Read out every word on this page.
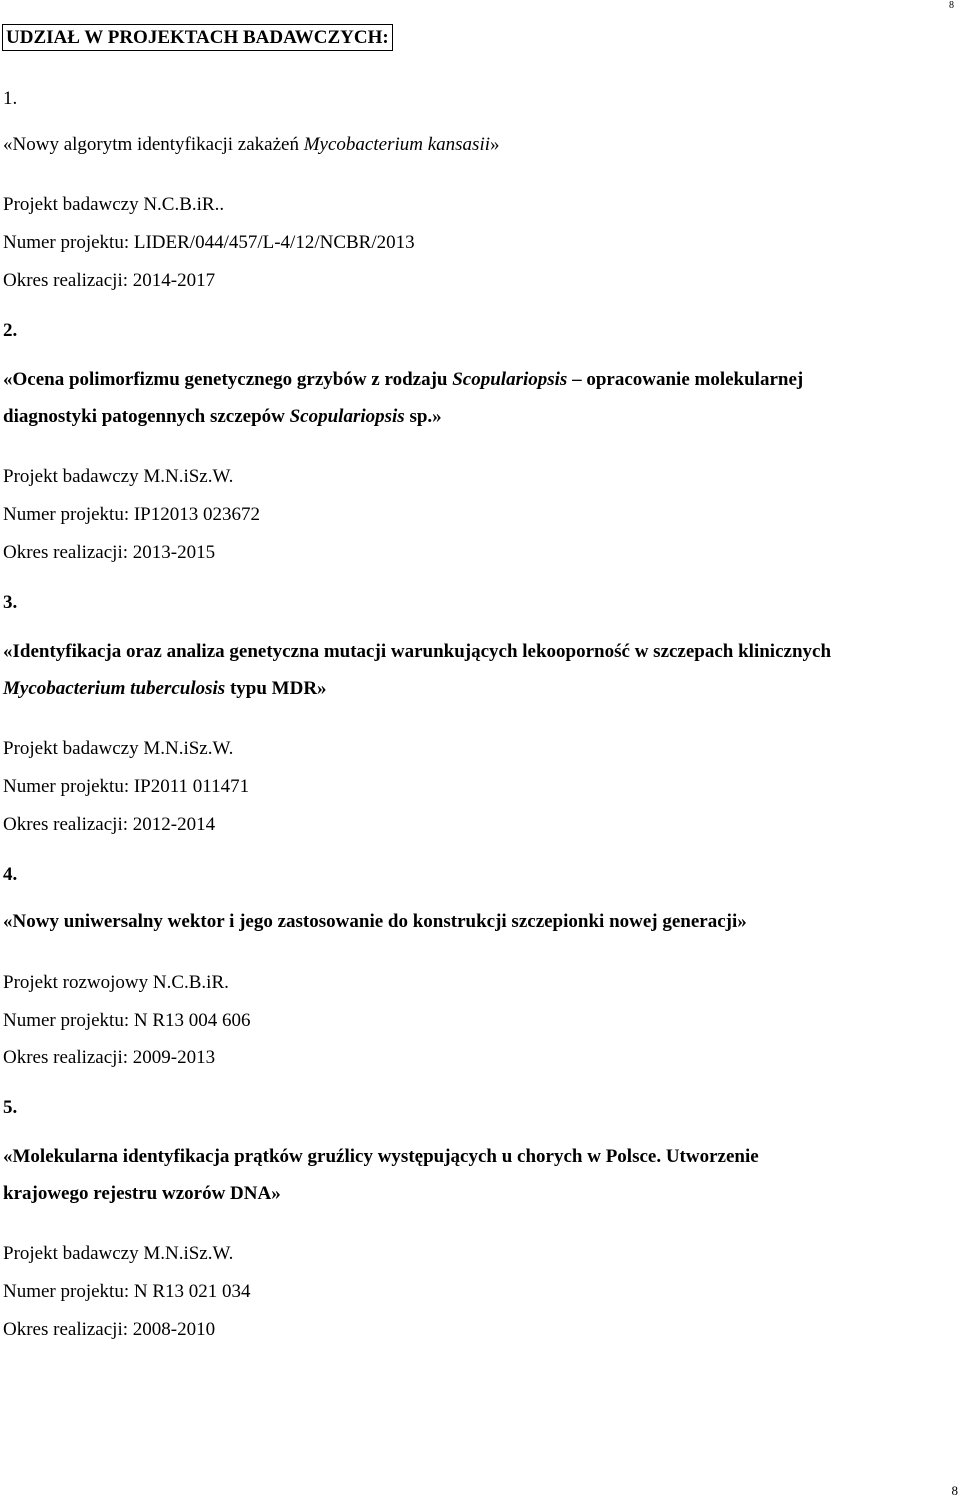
8
UDZIAŁ W PROJEKTACH BADAWCZYCH:
1.
«Nowy algorytm identyfikacji zakażeń Mycobacterium kansasii»
Projekt badawczy N.C.B.iR..
Numer projektu: LIDER/044/457/L-4/12/NCBR/2013
Okres realizacji: 2014-2017
2.
«Ocena polimorfizmu genetycznego grzybów z rodzaju Scopulariopsis – opracowanie molekularnej
diagnostyki patogennych szczepów Scopulariopsis sp.»
Projekt badawczy M.N.iSz.W.
Numer projektu: IP12013 023672
Okres realizacji: 2013-2015
3.
«Identyfikacja oraz analiza genetyczna mutacji warunkujących lekooporność w szczepach klinicznych
Mycobacterium tuberculosis typu MDR»
Projekt badawczy M.N.iSz.W.
Numer projektu: IP2011 011471
Okres realizacji: 2012-2014
4.
«Nowy uniwersalny wektor i jego zastosowanie do konstrukcji szczepionki nowej generacji»
Projekt rozwojowy N.C.B.iR.
Numer projektu: N R13 004 606
Okres realizacji: 2009-2013
5.
«Molekularna identyfikacja prątków gruźlicy występujących u chorych w Polsce. Utworzenie
krajowego rejestru wzorów DNA»
Projekt badawczy M.N.iSz.W.
Numer projektu: N R13 021 034
Okres realizacji: 2008-2010
8
